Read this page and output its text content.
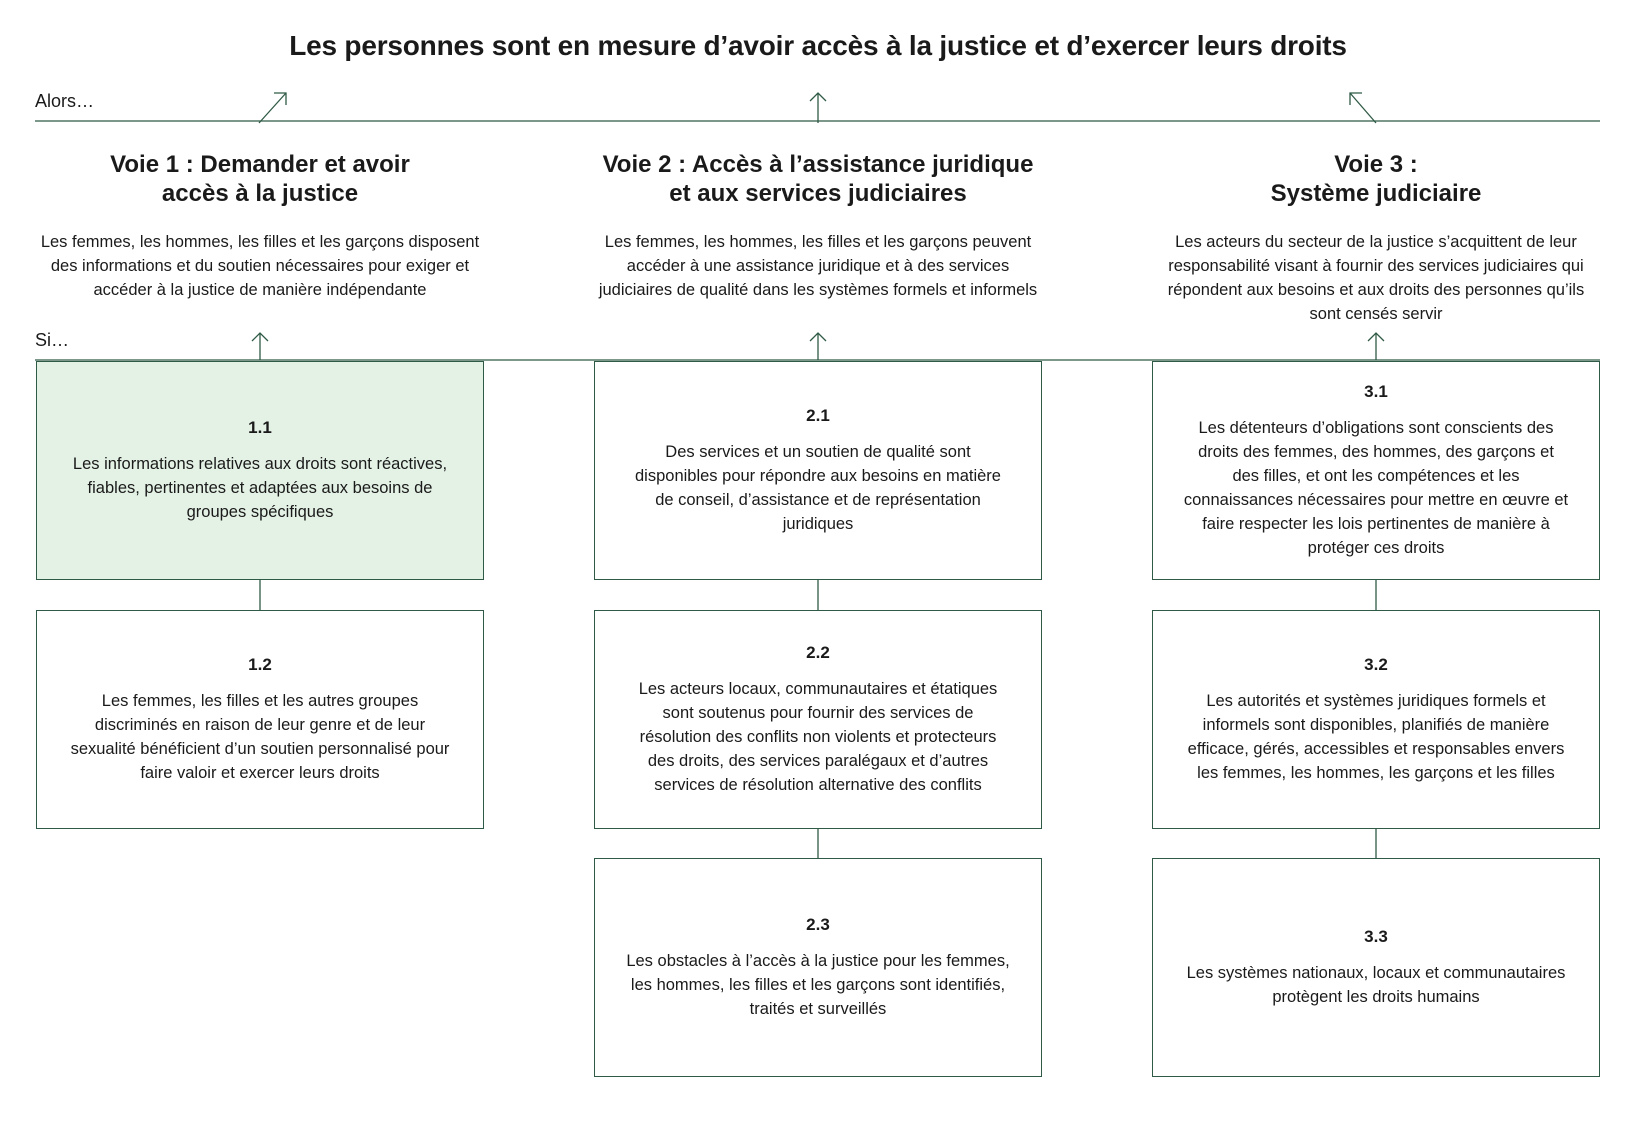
Les personnes sont en mesure d’avoir accès à la justice et d’exercer leurs droits
Alors…
Si…
Voie 1 : Demander et avoir
accès à la justice
Les femmes, les hommes, les filles et les garçons disposent des informations et du soutien nécessaires pour exiger et accéder à la justice de manière indépendante
Voie 2 : Accès à l’assistance juridique
et aux services judiciaires
Les femmes, les hommes, les filles et les garçons peuvent accéder à une assistance juridique et à des services judiciaires de qualité dans les systèmes formels et informels
Voie 3 :
Système judiciaire
Les acteurs du secteur de la justice s’acquittent de leur responsabilité visant à fournir des services judiciaires qui répondent aux besoins et aux droits des personnes qu’ils sont censés servir
1.1
Les informations relatives aux droits sont réactives, fiables, pertinentes et adaptées aux besoins de groupes spécifiques
1.2
Les femmes, les filles et les autres groupes discriminés en raison de leur genre et de leur sexualité bénéficient d’un soutien personnalisé pour faire valoir et exercer leurs droits
2.1
Des services et un soutien de qualité sont disponibles pour répondre aux besoins en matière de conseil, d’assistance et de représentation juridiques
2.2
Les acteurs locaux, communautaires et étatiques sont soutenus pour fournir des services de résolution des conflits non violents et protecteurs des droits, des services paralégaux et d’autres services de résolution alternative des conflits
2.3
Les obstacles à l’accès à la justice pour les femmes, les hommes, les filles et les garçons sont identifiés, traités et surveillés
3.1
Les détenteurs d’obligations sont conscients des droits des femmes, des hommes, des garçons et des filles, et ont les compétences et les connaissances nécessaires pour mettre en œuvre et faire respecter les lois pertinentes de manière à protéger ces droits
3.2
Les autorités et systèmes juridiques formels et informels sont disponibles, planifiés de manière efficace, gérés, accessibles et responsables envers les femmes, les hommes, les garçons et les filles
3.3
Les systèmes nationaux, locaux et communautaires protègent les droits humains
